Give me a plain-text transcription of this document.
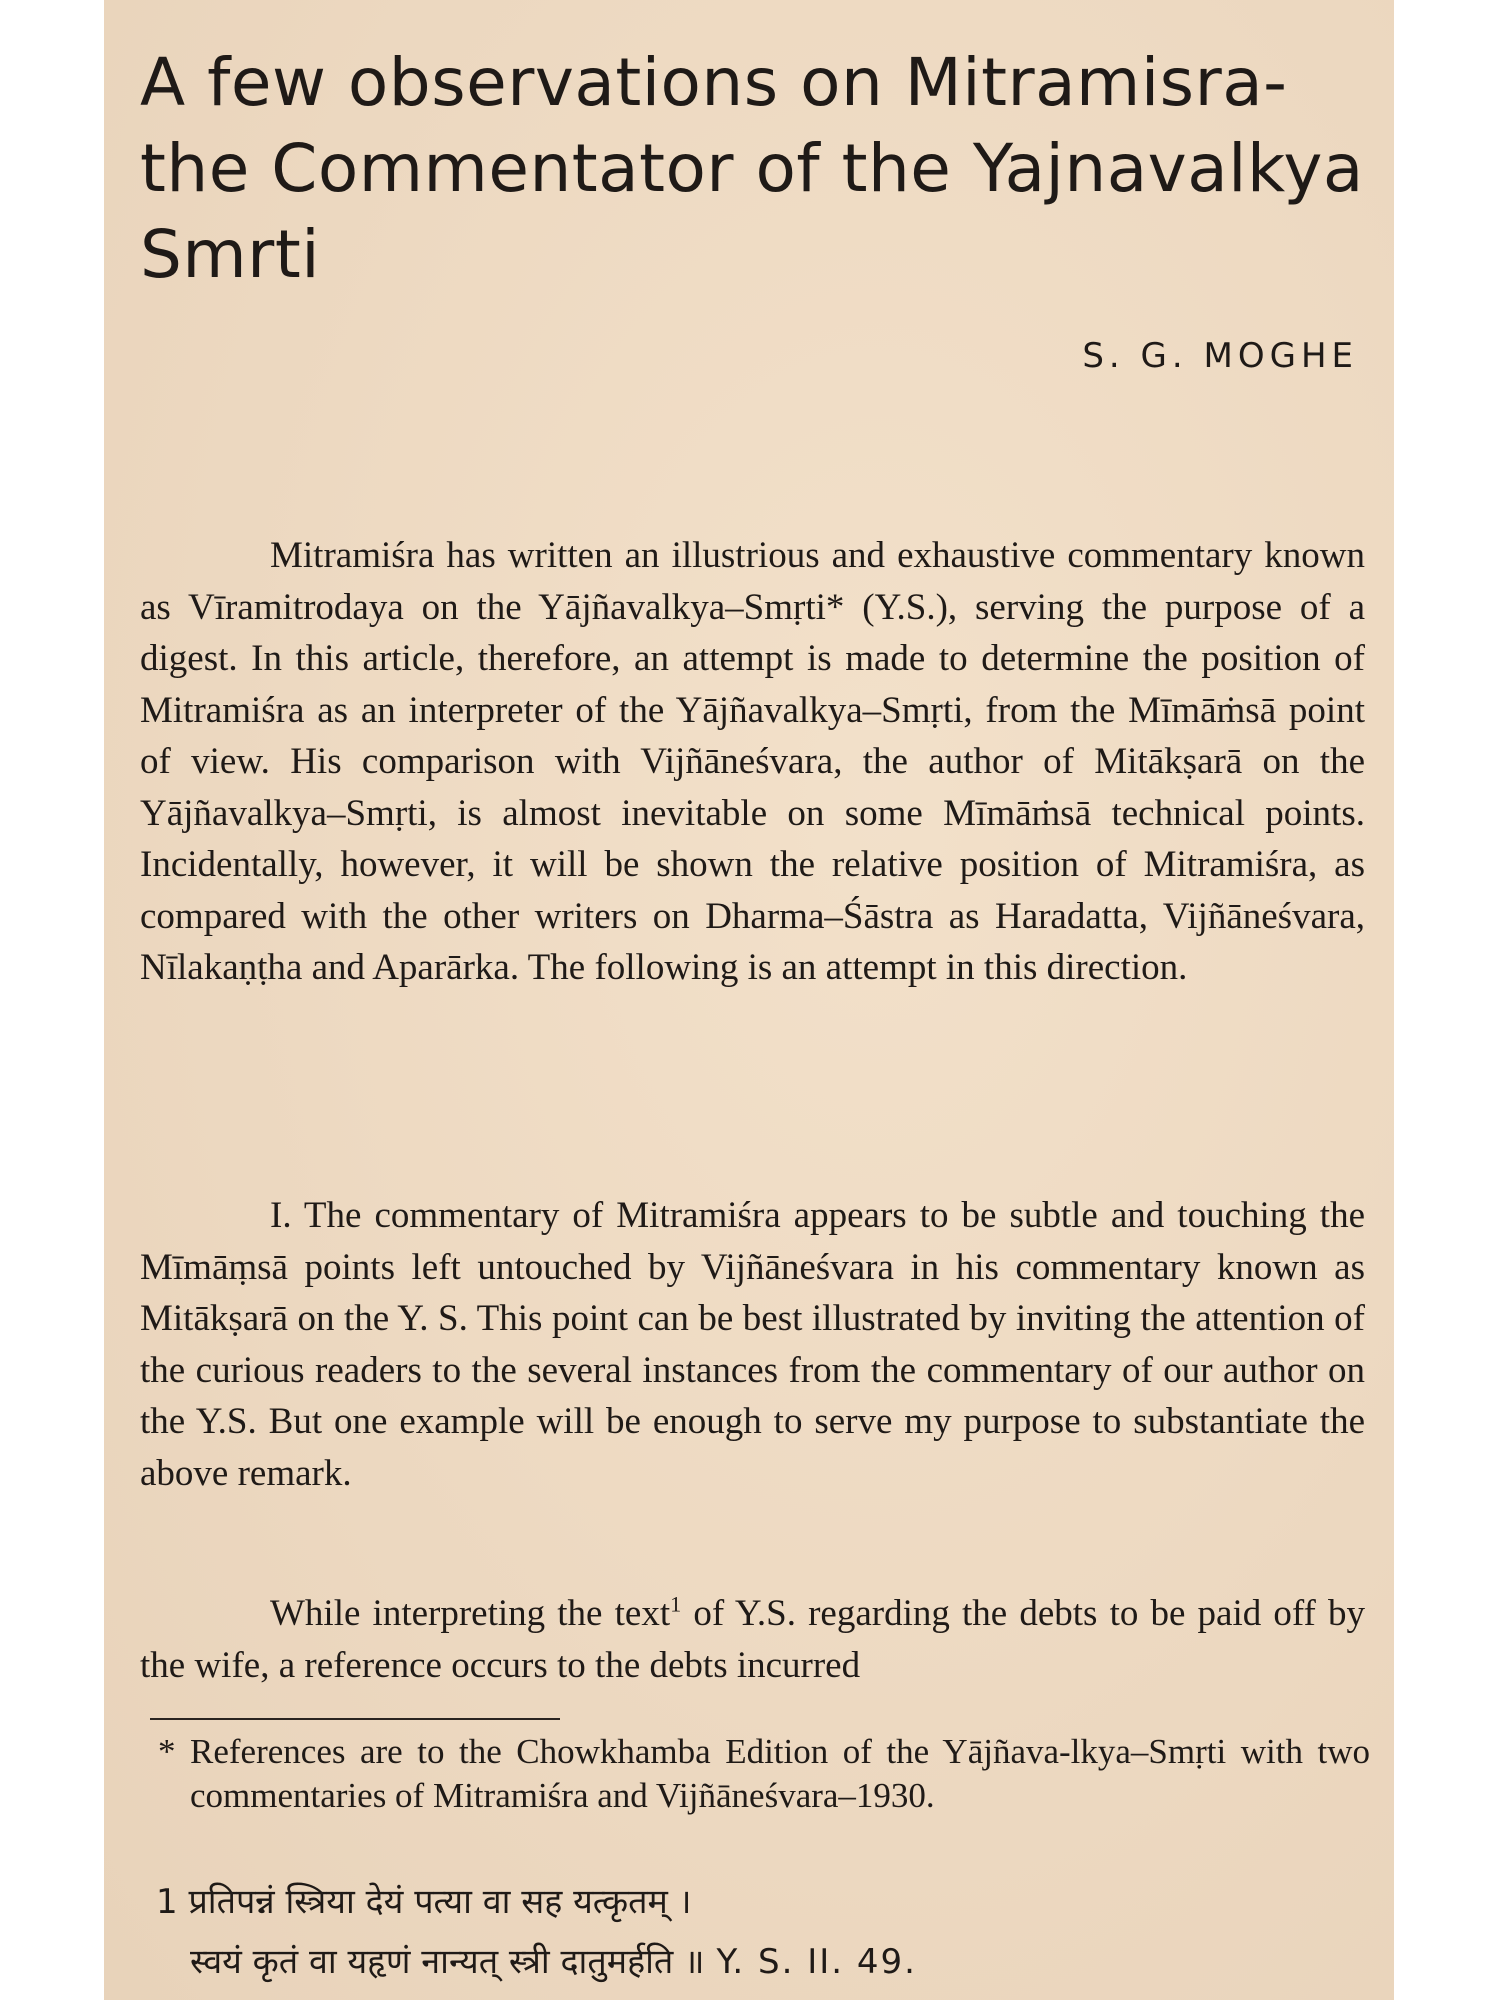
A few observations on Mitramisra- the Commentator of the Yajnavalkya Smrti
S. G. MOGHE

Mitramiśra has written an illustrious and exhaustive commentary known as Vīramitrodaya on the Yājñavalkya–Smṛti* (Y.S.), serving the purpose of a digest. In this article, therefore, an attempt is made to determine the position of Mitramiśra as an interpreter of the Yājñavalkya–Smṛti, from the Mīmāṁsā point of view. His comparison with Vijñāneśvara, the author of Mitākṣarā on the Yājñavalkya–Smṛti, is almost inevitable on some Mīmāṁsā technical points. Incidentally, however, it will be shown the relative position of Mitramiśra, as compared with the other writers on Dharma–Śāstra as Haradatta, Vijñāneśvara, Nīlakaṇṭha and Aparārka. The following is an attempt in this direction.

I. The commentary of Mitramiśra appears to be subtle and touching the Mīmāṃsā points left untouched by Vijñāneśvara in his commentary known as Mitākṣarā on the Y. S. This point can be best illustrated by inviting the attention of the curious readers to the several instances from the commentary of our author on the Y.S. But one example will be enough to serve my purpose to substantiate the above remark.

While interpreting the text$^1$ of Y.S. regarding the debts to be paid off by the wife, a reference occurs to the debts incurred

* References are to the Chowkhamba Edition of the Yājñava-lkya–Smṛti with two commentaries of Mitramiśra and Vijñāneśvara–1930.

1 प्रतिपन्नं स्त्रिया देयं पत्या वा सह यत्कृतम् ।
स्वयं कृतं वा यहृणं नान्यत् स्त्री दातुमर्हति ॥ Y. S. II. 49.
